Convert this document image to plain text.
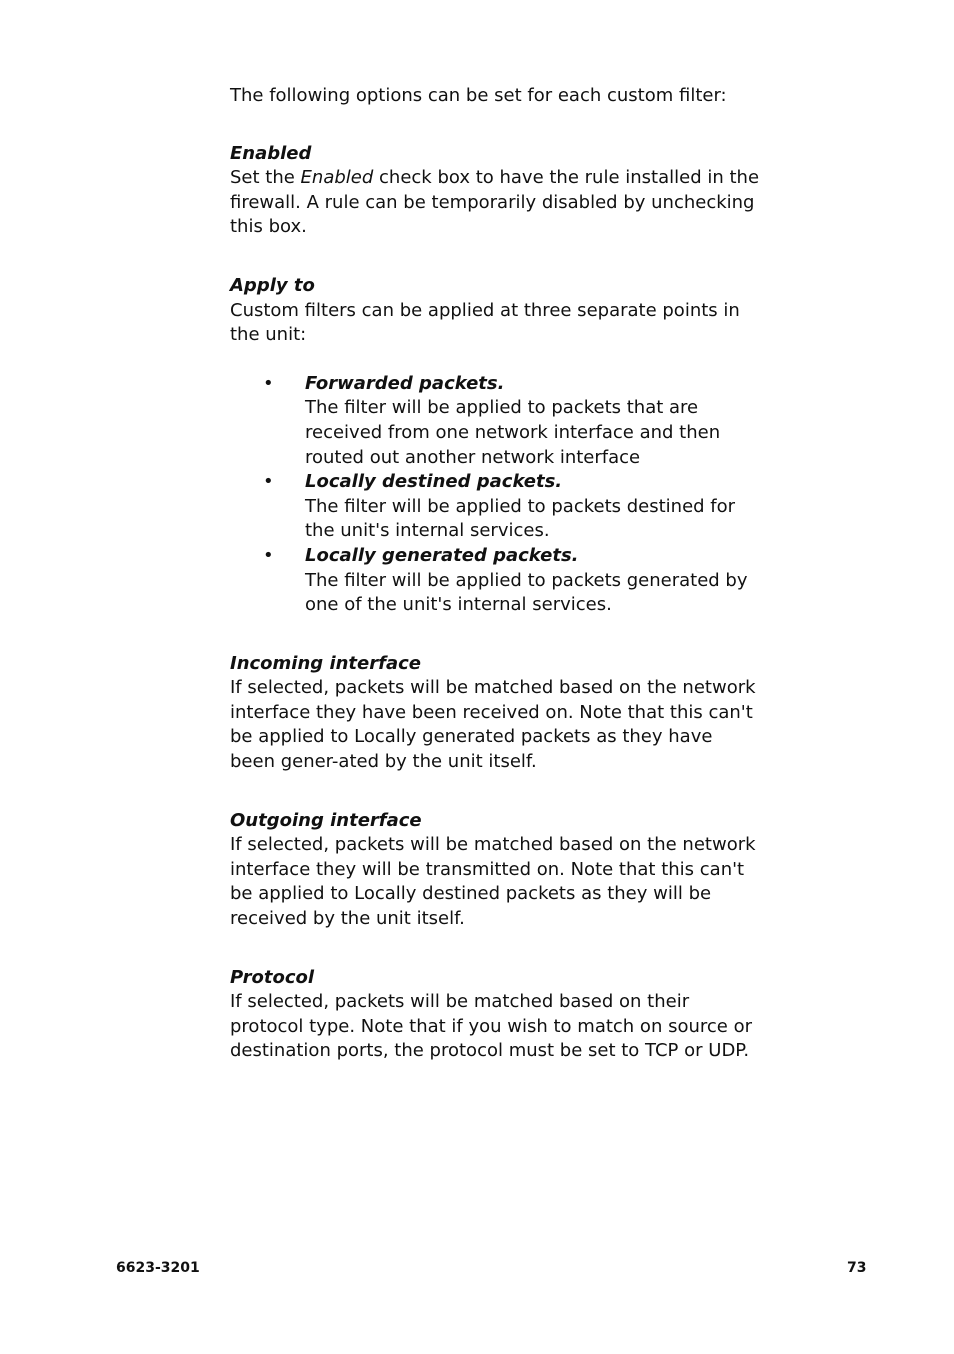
The following options can be set for each custom filter:

Enabled

Set the Enabled check box to have the rule installed in the firewall. A rule can be temporarily disabled by unchecking this box.

Apply to

Custom filters can be applied at three separate points in the unit:

• Forwarded packets.
The filter will be applied to packets that are received from one network interface and then routed out another network interface
• Locally destined packets.
The filter will be applied to packets destined for the unit's internal services.
• Locally generated packets.
The filter will be applied to packets generated by one of the unit's internal services.

Incoming interface

If selected, packets will be matched based on the network interface they have been received on. Note that this can't be applied to Locally generated packets as they have been gener-ated by the unit itself.

Outgoing interface

If selected, packets will be matched based on the network interface they will be transmitted on. Note that this can't be applied to Locally destined packets as they will be received by the unit itself.

Protocol

If selected, packets will be matched based on their protocol type. Note that if you wish to match on source or destination ports, the protocol must be set to TCP or UDP.

6623-3201	73
